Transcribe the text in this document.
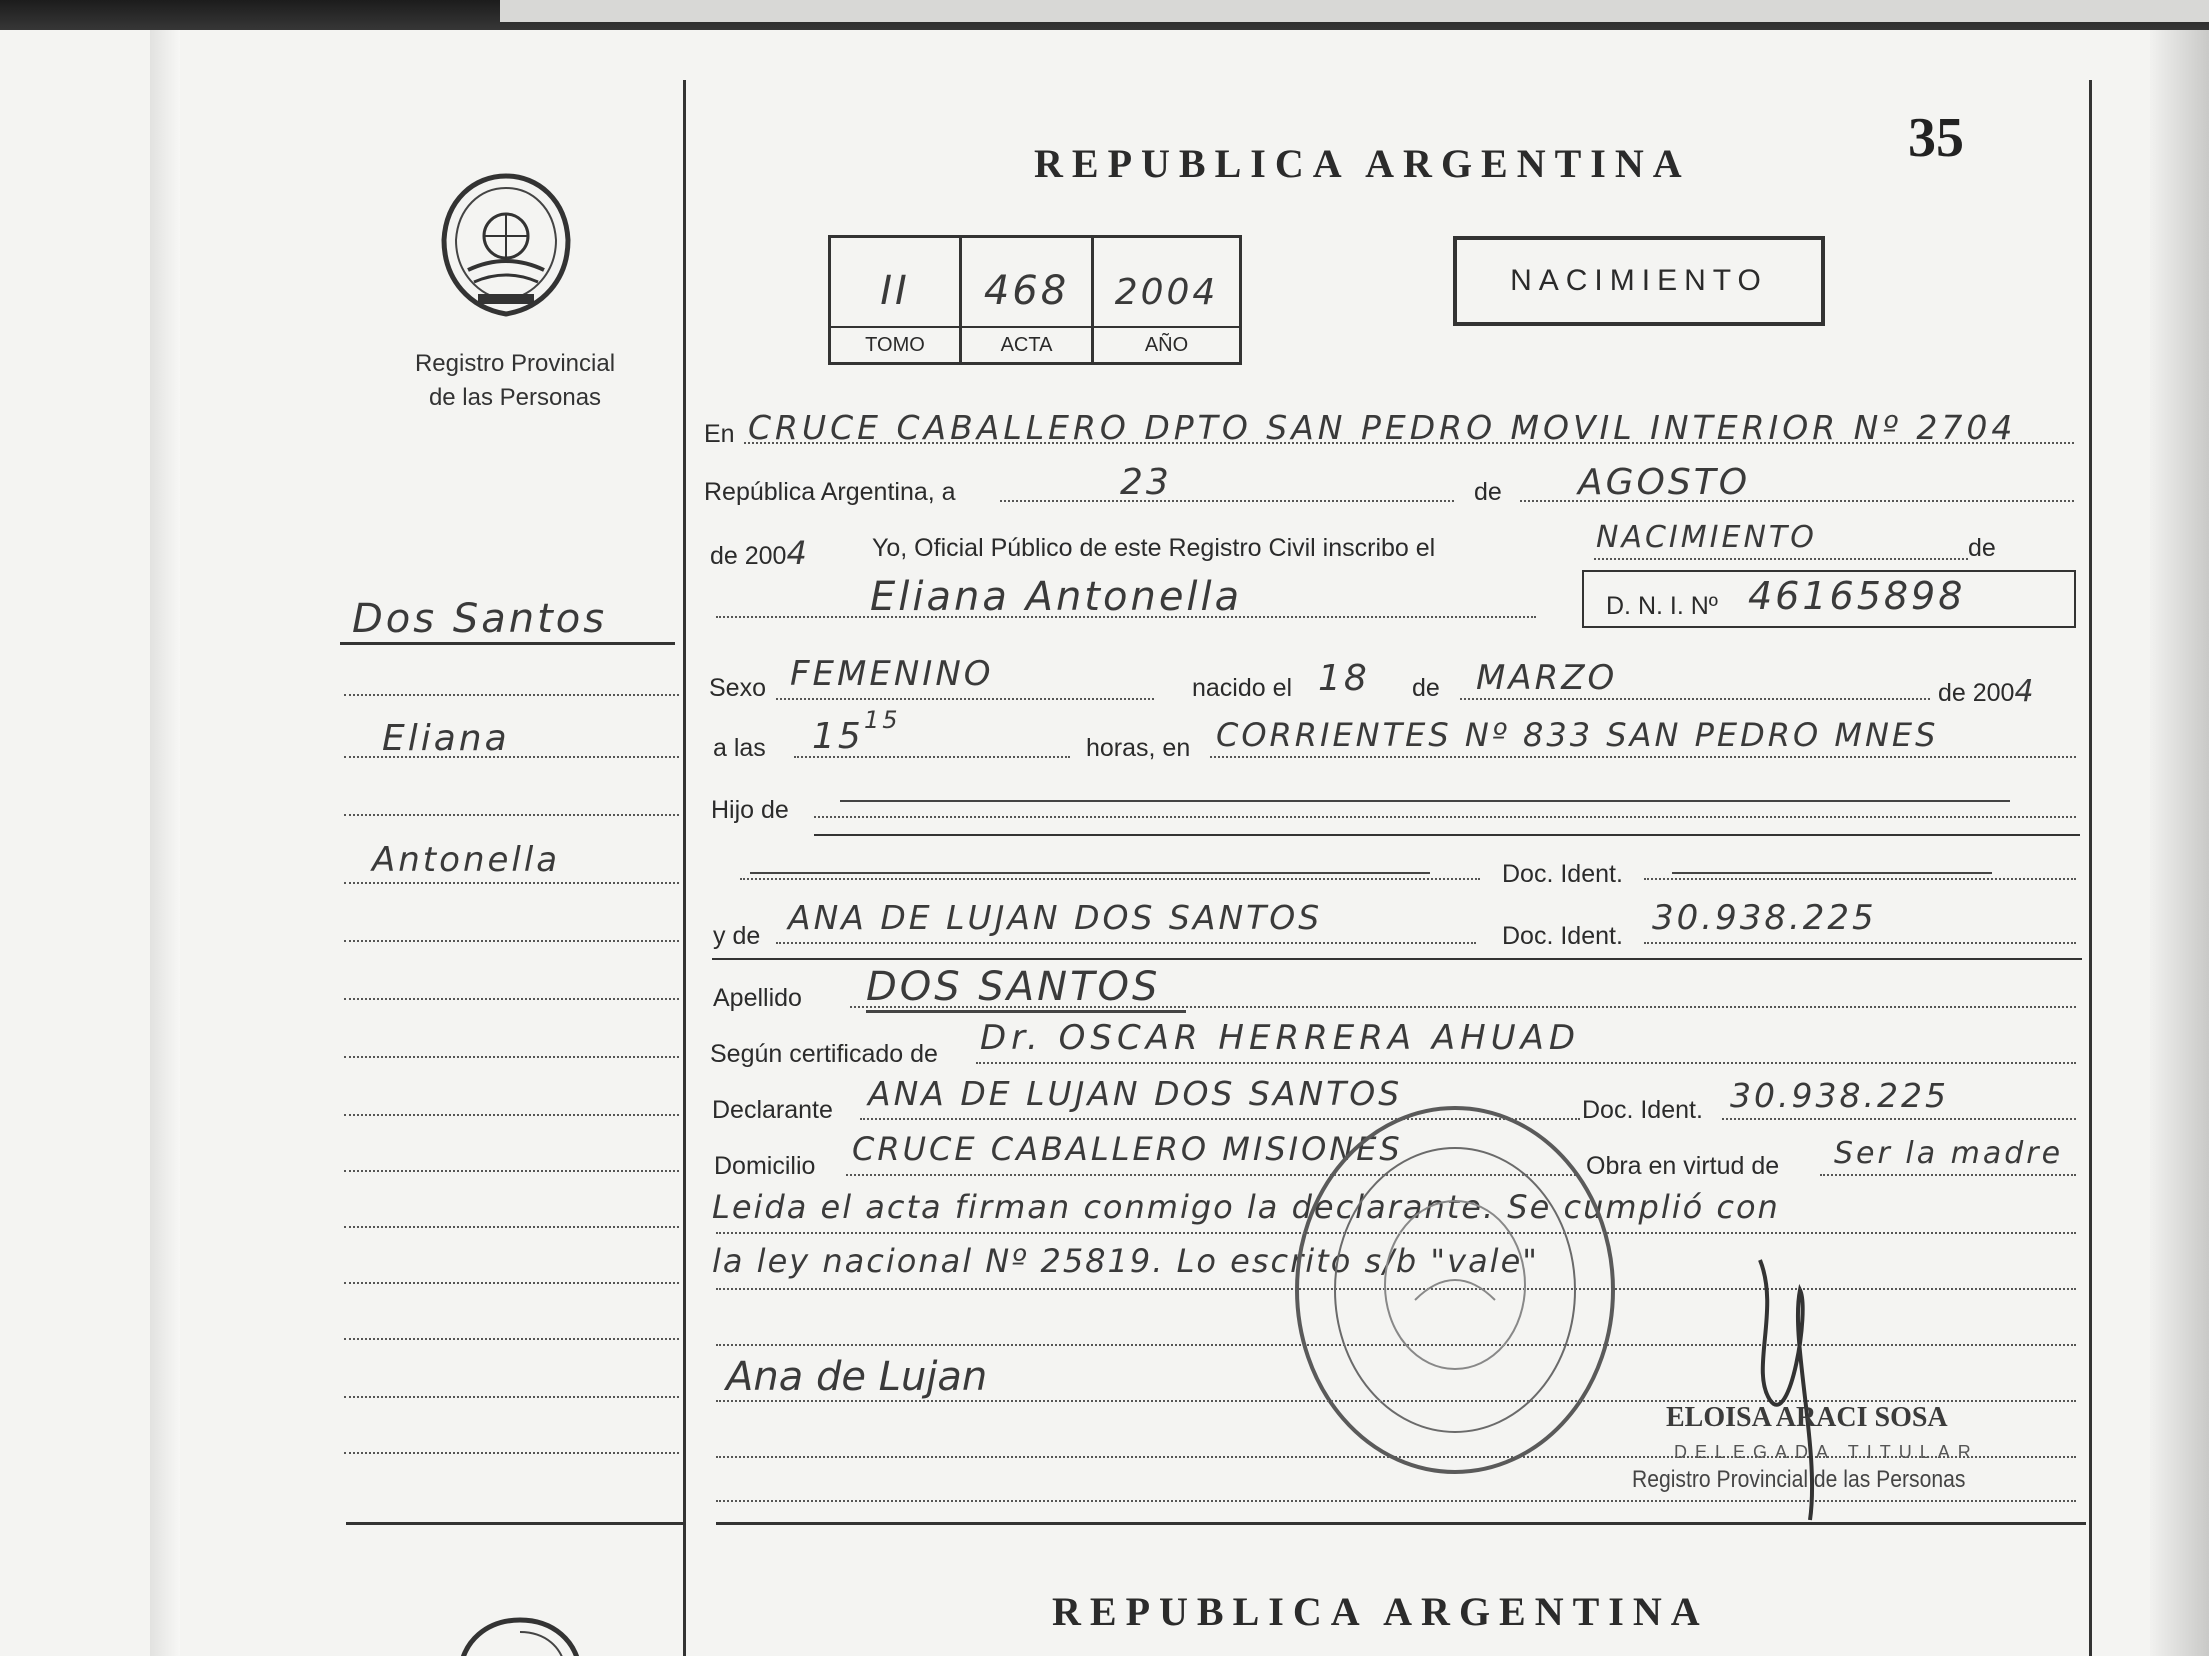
Registro Provincial
de las Personas
Dos Santos
Eliana
Antonella
REPUBLICA ARGENTINA	35
NACIMIENTO
II	468	2004
TOMO	ACTA	AÑO
En CRUCE CABALLERO DPTO SAN PEDRO MOVIL INTERIOR Nº 2704
República Argentina, a	23	de AGOSTO
de 2004 Yo, Oficial Público de este Registro Civil inscribo el	NACIMIENTO	de
Eliana Antonella	D. N. I. Nº 46165898
Sexo FEMENINO	nacido el 18 de MARZO	de 2004
a las 15 15
horas, en CORRIENTES Nº 833 SAN PEDRO MNES
Hijo de
Doc. Ident.
y de ANA DE LUJAN DOS SANTOS	Doc. Ident. 30.938.225
Apellido DOS SANTOS
Según certificado de Dr. OSCAR HERRERA AHUAD
Declarante ANA DE LUJAN DOS SANTOS	Doc. Ident. 30.938.225
Domicilio CRUCE CABALLERO MISIONES	Obra en virtud de Ser la madre
Leida el acta firman conmigo la declarante. Se cumplió con
la ley nacional Nº 25819. Lo escrito s/b "vale"
Ana de Lujan
ELOISA ARACI SOSA
DELEGADA TITULAR
Registro Provincial de las Personas
REPUBLICA ARGENTINA
